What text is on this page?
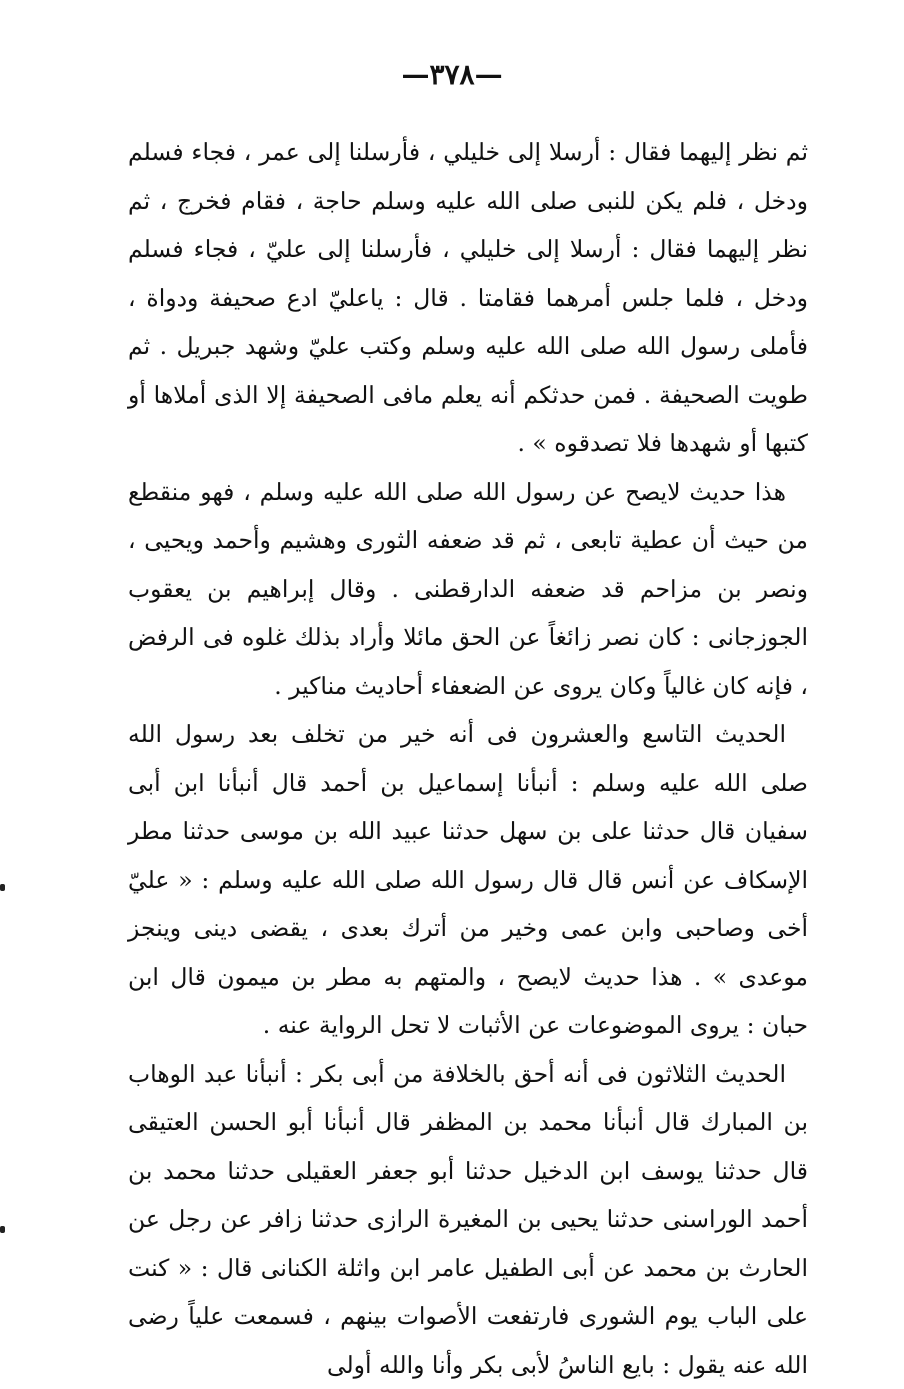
—٣٧٨—

ثم نظر إليهما فقال : أرسلا إلى خليلي ، فأرسلنا إلى عمر ، فجاء فسلم ودخل ، فلم يكن للنبى صلى الله عليه وسلم حاجة ، فقام فخرج ، ثم نظر إليهما فقال : أرسلا إلى خليلي ، فأرسلنا إلى عليّ ، فجاء فسلم ودخل ، فلما جلس أمرهما فقامتا . قال : ياعليّ ادع صحيفة ودواة ، فأملى رسول الله صلى الله عليه وسلم وكتب عليّ وشهد جبريل . ثم طويت الصحيفة . فمن حدثكم أنه يعلم مافى الصحيفة إلا الذى أملاها أو كتبها أو شهدها فلا تصدقوه » .

هذا حديث لايصح عن رسول الله صلى الله عليه وسلم ، فهو منقطع من حيث أن عطية تابعى ، ثم قد ضعفه الثورى وهشيم وأحمد ويحيى ، ونصر بن مزاحم قد ضعفه الدارقطنى . وقال إبراهيم بن يعقوب الجوزجانى : كان نصر زائغاً عن الحق مائلا وأراد بذلك غلوه فى الرفض ، فإنه كان غالياً وكان يروى عن الضعفاء أحاديث مناكير .

الحديث التاسع والعشرون فى أنه خير من تخلف بعد رسول الله صلى الله عليه وسلم : أنبأنا إسماعيل بن أحمد قال أنبأنا ابن أبى سفيان قال حدثنا على بن سهل حدثنا عبيد الله بن موسى حدثنا مطر الإسكاف عن أنس قال قال رسول الله صلى الله عليه وسلم : « عليّ أخى وصاحبى وابن عمى وخير من أترك بعدى ، يقضى دينى وينجز موعدى » . هذا حديث لايصح ، والمتهم به مطر بن ميمون قال ابن حبان : يروى الموضوعات عن الأثبات لا تحل الرواية عنه .

الحديث الثلاثون فى أنه أحق بالخلافة من أبى بكر : أنبأنا عبد الوهاب بن المبارك قال أنبأنا محمد بن المظفر قال أنبأنا أبو الحسن العتيقى قال حدثنا يوسف ابن الدخيل حدثنا أبو جعفر العقيلى حدثنا محمد بن أحمد الوراسنى حدثنا يحيى بن المغيرة الرازى حدثنا زافر عن رجل عن الحارث بن محمد عن أبى الطفيل عامر ابن واثلة الكنانى قال : « كنت على الباب يوم الشورى فارتفعت الأصوات بينهم ، فسمعت علياً رضى الله عنه يقول : بايع الناسُ لأبى بكر وأنا والله أولى
